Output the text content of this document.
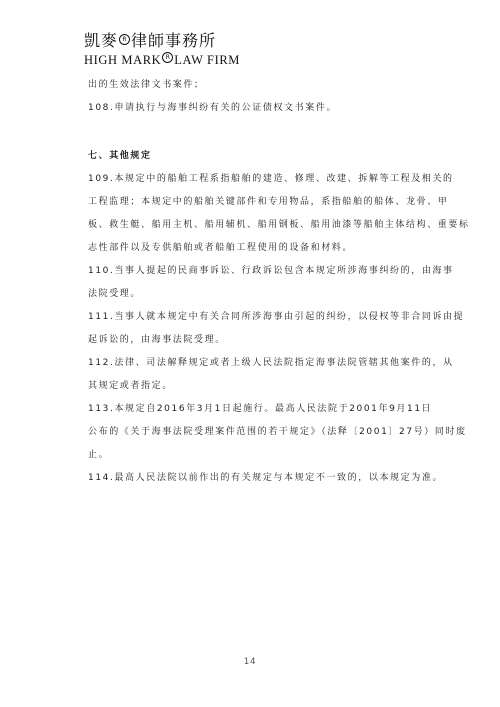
凱麥 R 律師事務所
HIGH MARK R LAW FIRM
出的生效法律文书案件；
108.申请执行与海事纠纷有关的公证债权文书案件。
七、其他规定
109.本规定中的船舶工程系指船舶的建造、修理、改建、拆解等工程及相关的
工程监理；本规定中的船舶关键部件和专用物品，系指船舶的船体、龙骨、甲
板、救生艇、船用主机、船用辅机、船用钢板、船用油漆等船舶主体结构、重要标
志性部件以及专供船舶或者船舶工程使用的设备和材料。
110.当事人提起的民商事诉讼、行政诉讼包含本规定所涉海事纠纷的，由海事
法院受理。
111.当事人就本规定中有关合同所涉海事由引起的纠纷，以侵权等非合同诉由提
起诉讼的，由海事法院受理。
112.法律、司法解释规定或者上级人民法院指定海事法院管辖其他案件的，从
其规定或者指定。
113.本规定自2016年3月1日起施行。最高人民法院于2001年9月11日
公布的《关于海事法院受理案件范围的若干规定》（法释〔2001〕27号）同时废
止。
114.最高人民法院以前作出的有关规定与本规定不一致的，以本规定为准。
14
